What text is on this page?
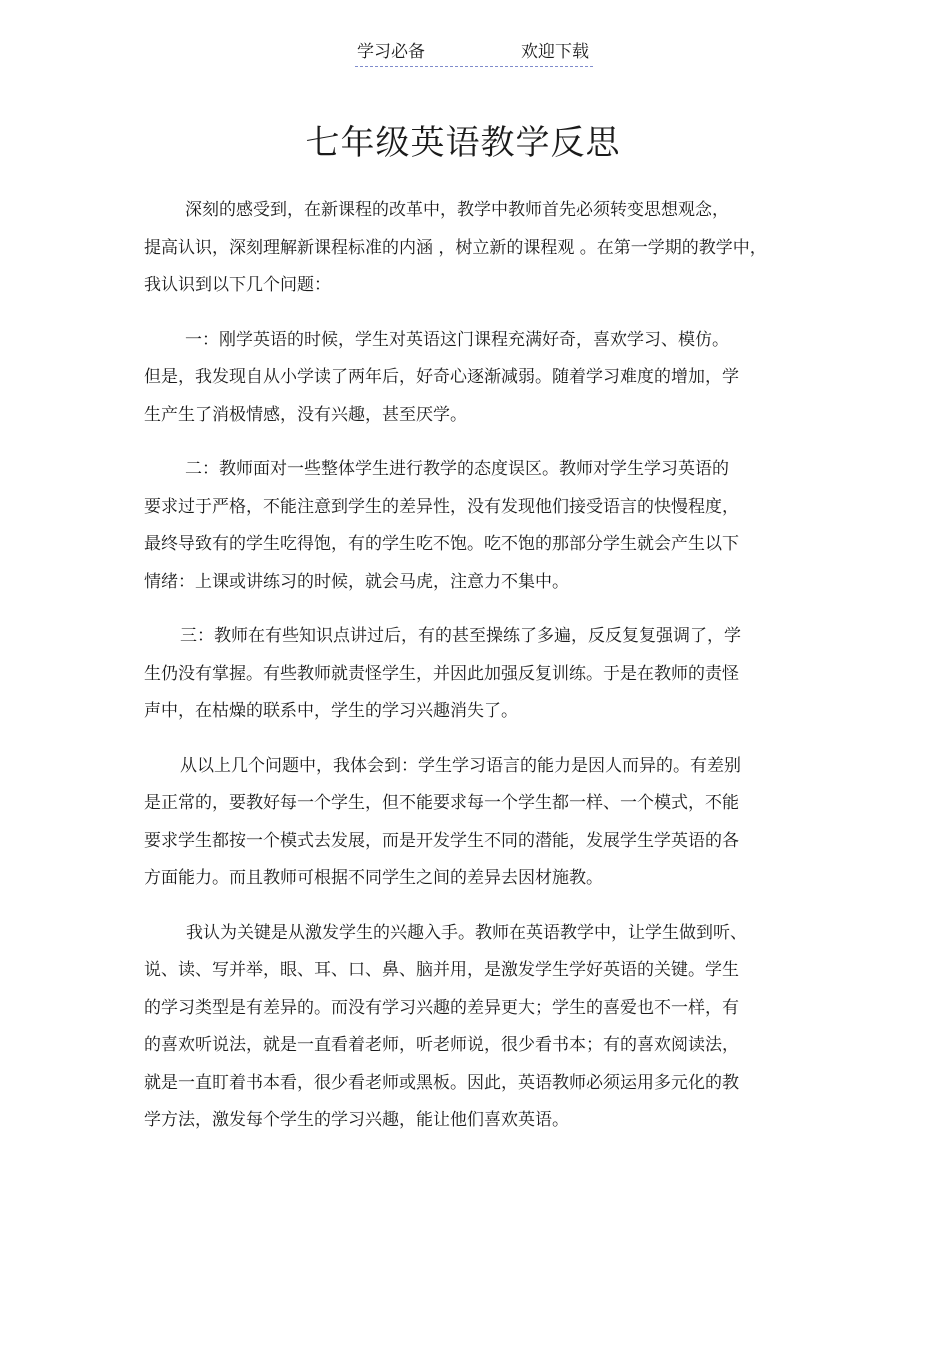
学习必备	欢迎下载
七年级英语教学反思
深刻的感受到，在新课程的改革中，教学中教师首先必须转变思想观念，
提高认识，深刻理解新课程标准的内涵 ，树立新的课程观 。在第一学期的教学中，
我认识到以下几个问题：
一：刚学英语的时候，学生对英语这门课程充满好奇，喜欢学习、模仿。
但是，我发现自从小学读了两年后，好奇心逐渐减弱。随着学习难度的增加，学
生产生了消极情感，没有兴趣，甚至厌学。
二：教师面对一些整体学生进行教学的态度误区。教师对学生学习英语的
要求过于严格，不能注意到学生的差异性，没有发现他们接受语言的快慢程度，
最终导致有的学生吃得饱，有的学生吃不饱。吃不饱的那部分学生就会产生以下
情绪：上课或讲练习的时候，就会马虎，注意力不集中。
三：教师在有些知识点讲过后，有的甚至操练了多遍，反反复复强调了，学
生仍没有掌握。有些教师就责怪学生，并因此加强反复训练。于是在教师的责怪
声中，在枯燥的联系中，学生的学习兴趣消失了。
从以上几个问题中，我体会到：学生学习语言的能力是因人而异的。有差别
是正常的，要教好每一个学生，但不能要求每一个学生都一样、一个模式，不能
要求学生都按一个模式去发展，而是开发学生不同的潜能，发展学生学英语的各
方面能力。而且教师可根据不同学生之间的差异去因材施教。
我认为关键是从激发学生的兴趣入手。教师在英语教学中，让学生做到听、
说、读、写并举，眼、耳、口、鼻、脑并用，是激发学生学好英语的关键。学生
的学习类型是有差异的。而没有学习兴趣的差异更大；学生的喜爱也不一样，有
的喜欢听说法，就是一直看着老师，听老师说，很少看书本；有的喜欢阅读法，
就是一直盯着书本看，很少看老师或黑板。因此，英语教师必须运用多元化的教
学方法，激发每个学生的学习兴趣，能让他们喜欢英语。
